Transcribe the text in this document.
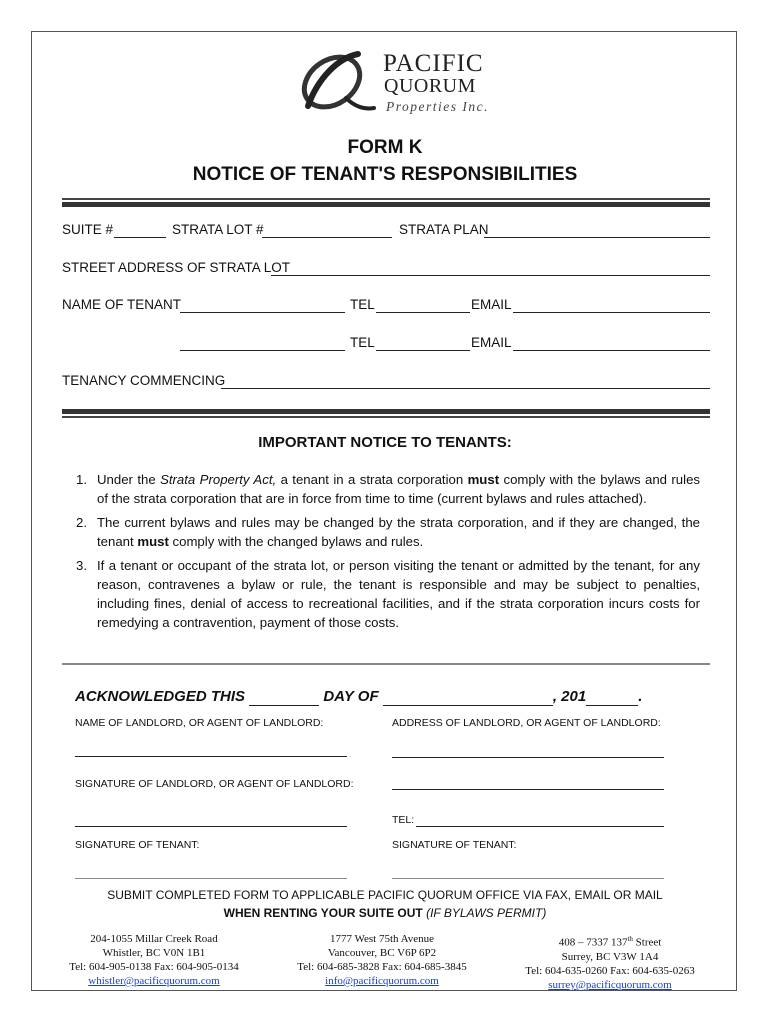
PACIFIC
QUORUM
Properties Inc.
FORM K
NOTICE OF TENANT'S RESPONSIBILITIES
SUITE #	STRATA LOT #	STRATA PLAN
STREET ADDRESS OF STRATA LOT
NAME OF TENANT	TEL	EMAIL
TEL	EMAIL
TENANCY COMMENCING
IMPORTANT NOTICE TO TENANTS:
1. Under the Strata Property Act, a tenant in a strata corporation must comply with the bylaws and rules of the strata corporation that are in force from time to time (current bylaws and rules attached).
2. The current bylaws and rules may be changed by the strata corporation, and if they are changed, the tenant must comply with the changed bylaws and rules.
3. If a tenant or occupant of the strata lot, or person visiting the tenant or admitted by the tenant, for any reason, contravenes a bylaw or rule, the tenant is responsible and may be subject to penalties, including fines, denial of access to recreational facilities, and if the strata corporation incurs costs for remedying a contravention, payment of those costs.
ACKNOWLEDGED THIS	DAY OF	, 201	.
NAME OF LANDLORD, OR AGENT OF LANDLORD:	ADDRESS OF LANDLORD, OR AGENT OF LANDLORD:
SIGNATURE OF LANDLORD, OR AGENT OF LANDLORD:
TEL:
SIGNATURE OF TENANT:	SIGNATURE OF TENANT:
SUBMIT COMPLETED FORM TO APPLICABLE PACIFIC QUORUM OFFICE VIA FAX, EMAIL OR MAIL
WHEN RENTING YOUR SUITE OUT (IF BYLAWS PERMIT)
204-1055 Millar Creek Road
Whistler, BC V0N 1B1
Tel: 604-905-0138 Fax: 604-905-0134
whistler@pacificquorum.com
1777 West 75th Avenue
Vancouver, BC V6P 6P2
Tel: 604-685-3828 Fax: 604-685-3845
info@pacificquorum.com
408 – 7337 137th Street
Surrey, BC V3W 1A4
Tel: 604-635-0260 Fax: 604-635-0263
surrey@pacificquorum.com
